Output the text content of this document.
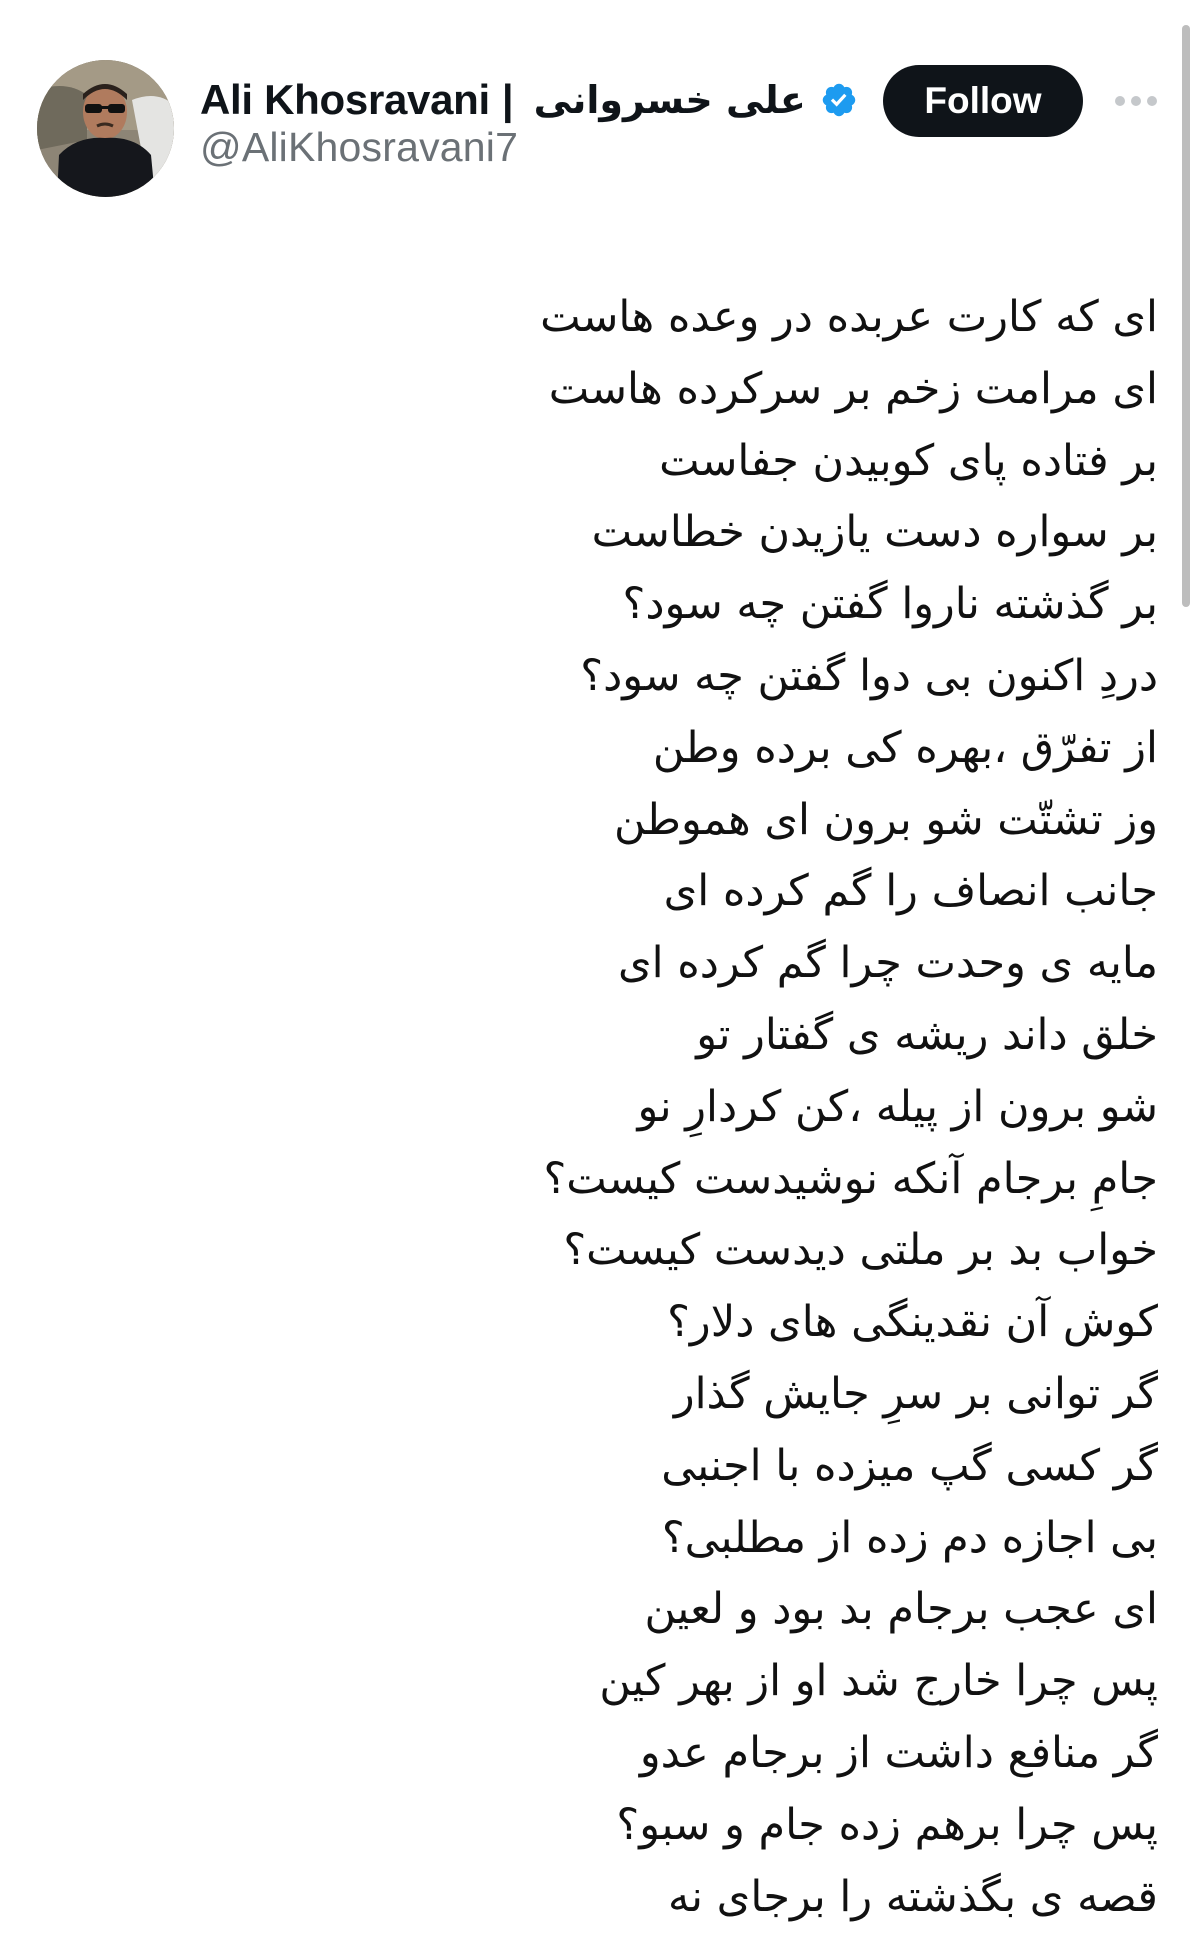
Ali Khosravani | علی خسروانی
@AliKhosravani7
Follow
ای که کارت عربده در وعده هاست
ای مرامت زخم بر سرکرده هاست
بر فتاده پای کوبیدن جفاست
بر سواره دست یازیدن خطاست
بر گذشته ناروا گفتن چه سود؟
دردِ اکنون بی دوا گفتن چه سود؟
از تفرّق ،بهره کی برده وطن
وز تشتّت شو برون ای هموطن
جانب انصاف را گم کرده ای
مایه ی وحدت چرا گم کرده ای
خلق داند ریشه ی گفتار تو
شو برون از پیله ،کن کردارِ نو
جامِ برجام آنکه نوشیدست کیست؟
خواب بد بر ملتی دیدست کیست؟
کوش آن نقدینگی های دلار؟
گر توانی بر سرِ جایش گذار
گر کسی گپ میزده با اجنبی
بی اجازه دم زده از مطلبی؟
ای عجب برجام بد بود و لعین
پس چرا خارج شد او از بهر کین
گر منافع داشت از برجام عدو
پس چرا برهم زده جام و سبو؟
قصه ی بگذشته را برجای نه
